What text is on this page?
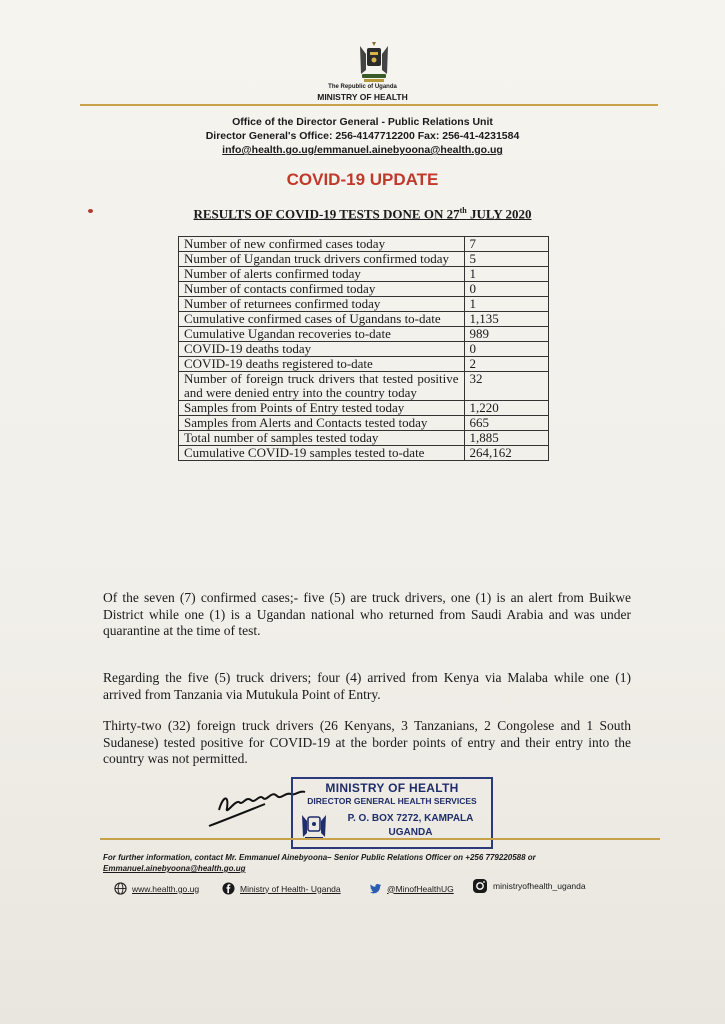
The Republic of Uganda
MINISTRY OF HEALTH
Office of the Director General - Public Relations Unit
Director General's Office: 256-4147712200 Fax: 256-41-4231584
info@health.go.ug/emmanuel.ainebyoona@health.go.ug
COVID-19 UPDATE
RESULTS OF COVID-19 TESTS DONE ON 27th JULY 2020
Number of new confirmed cases today	7
Number of Ugandan truck drivers confirmed today	5
Number of alerts confirmed today	1
Number of contacts confirmed today	0
Number of returnees confirmed today	1
Cumulative confirmed cases of Ugandans to-date	1,135
Cumulative Ugandan recoveries to-date	989
COVID-19 deaths today	0
COVID-19 deaths registered to-date	2
Number of foreign truck drivers that tested positive and were denied entry into the country today	32
Samples from Points of Entry tested today	1,220
Samples from Alerts and Contacts tested today	665
Total number of samples tested today	1,885
Cumulative COVID-19 samples tested to-date	264,162

Of the seven (7) confirmed cases;- five (5) are truck drivers, one (1) is an alert from Buikwe District while one (1) is a Ugandan national who returned from Saudi Arabia and was under quarantine at the time of test.

Regarding the five (5) truck drivers; four (4) arrived from Kenya via Malaba while one (1) arrived from Tanzania via Mutukula Point of Entry.

Thirty-two (32) foreign truck drivers (26 Kenyans, 3 Tanzanians, 2 Congolese and 1 South Sudanese) tested positive for COVID-19 at the border points of entry and their entry into the country was not permitted.

MINISTRY OF HEALTH
DIRECTOR GENERAL HEALTH SERVICES
P. O. BOX 7272, KAMPALA
UGANDA
For further information, contact Mr. Emmanuel Ainebyoona– Senior Public Relations Officer on +256 779220588 or
Emmanuel.ainebyoona@health.go.ug
www.health.go.ug	Ministry of Health- Uganda	@MinofHealthUG	ministryofhealth_uganda
